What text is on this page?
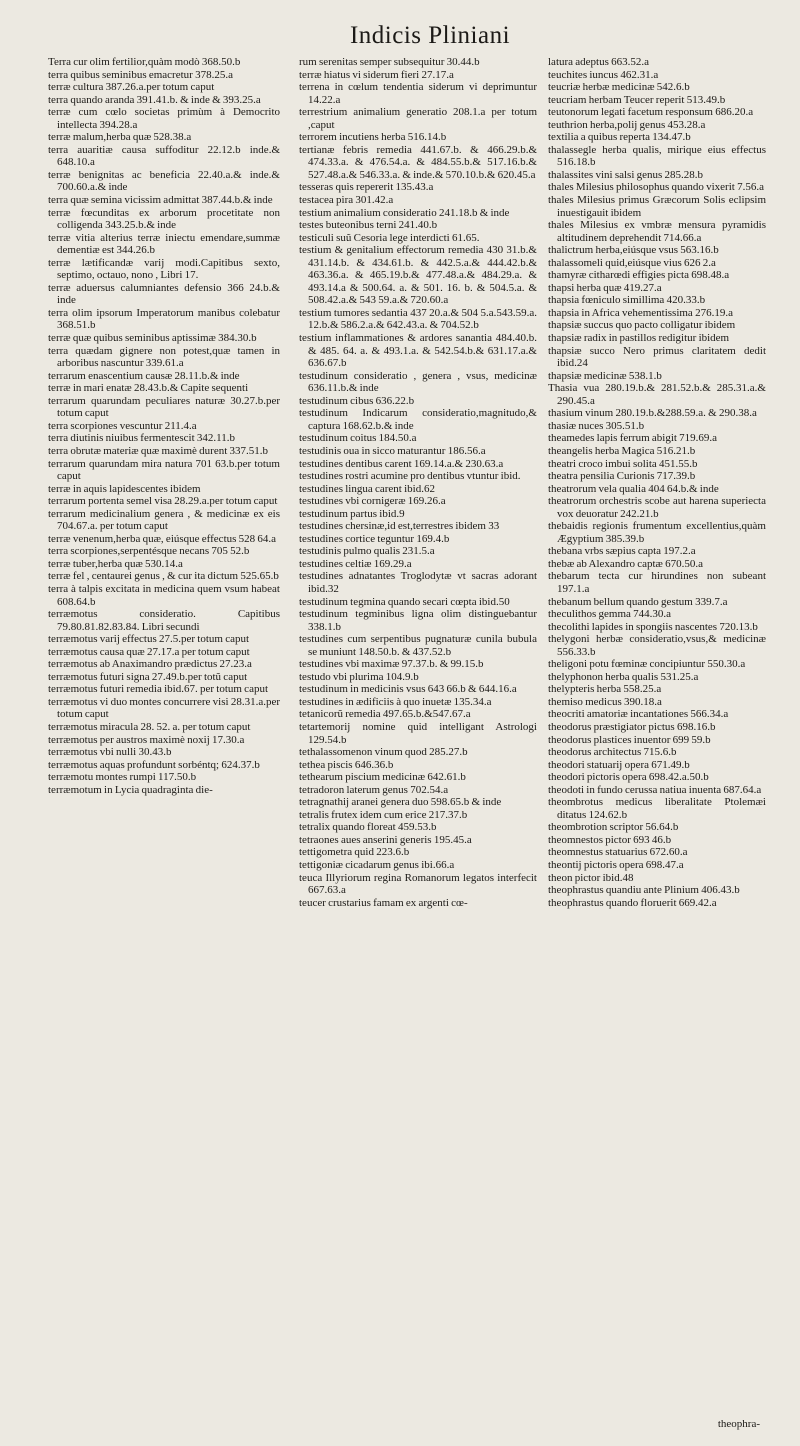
Indicis Pliniani

Terra cur olim fertilior,quàm modò 368.50.b

terra quibus seminibus emacretur 378.25.a

terræ cultura 387.26.a.per totum caput

terra quando aranda 391.41.b. & inde & 393.25.a

terræ cum cœlo societas primùm à Democrito intellecta 394.28.a

terræ malum,herba quæ 528.38.a

terra auaritiæ causa suffoditur 22.12.b inde.& 648.10.a

terræ benignitas ac beneficia 22.40.a.& inde.& 700.60.a.& inde

terra quæ semina vicissim admittat 387.44.b.& inde

terræ fœcunditas ex arborum procetitate non colligenda 343.25.b.& inde

terræ vitia alterius terræ iniectu emendare,summæ dementiæ est 344.26.b

terræ lætificandæ varij modi.Capitibus sexto, septimo, octauo, nono , Libri 17.

terræ aduersus calumniantes defensio 366 24.b.& inde

terra olim ipsorum Imperatorum manibus colebatur 368.51.b

terræ quæ quibus seminibus aptissimæ 384.30.b

terra quædam gignere non potest,quæ tamen in arboribus nascuntur 339.61.a

terrarum enascentium causæ 28.11.b.& inde

terræ in mari enatæ 28.43.b.& Capite sequenti

terrarum quarundam peculiares naturæ 30.27.b.per totum caput

terra scorpiones vescuntur 211.4.a

terra diutinis niuibus fermentescit 342.11.b

terra obrutæ materiæ quæ maximè durent 337.51.b

terrarum quarundam mira natura 701 63.b.per totum caput

terræ in aquis lapidescentes ibidem

terrarum portenta semel visa 28.29.a.per totum caput

terrarum medicinalium genera , & medicinæ ex eis 704.67.a. per totum caput

terræ venenum,herba quæ, eiúsque effectus 528 64.a

terra scorpiones,serpentésque necans 705 52.b

terræ tuber,herba quæ 530.14.a

terræ fel , centaurei genus , & cur ita dictum 525.65.b

terra à talpis excitata in medicina quem vsum habeat 608.64.b

terræmotus consideratio. Capitibus 79.80.81.82.83.84. Libri secundi

terræmotus varij effectus 27.5.per totum caput

terræmotus causa quæ 27.17.a per totum caput

terræmotus ab Anaximandro prædictus 27.23.a

terræmotus futuri signa 27.49.b.per totũ caput

terræmotus futuri remedia ibid.67. per totum caput

terræmotus vi duo montes concurrere visi 28.31.a.per totum caput

terræmotus miracula 28. 52. a. per totum caput

terræmotus per austros maximè noxij 17.30.a

terræmotus vbi nulli 30.43.b

terræmotus aquas profundunt sorbéntq; 624.37.b

terræmotu montes rumpi 117.50.b

terræmotum in Lycia quadraginta die-

rum serenitas semper subsequitur 30.44.b

terræ hiatus vi siderum fieri 27.17.a

terrena in cœlum tendentia siderum vi deprimuntur 14.22.a

terrestrium animalium generatio 208.1.a per totum ,caput

terrorem incutiens herba 516.14.b

tertianæ febris remedia 441.67.b. & 466.29.b.& 474.33.a. & 476.54.a. & 484.55.b.& 517.16.b.& 527.48.a.& 546.33.a. & inde.& 570.10.b.& 620.45.a

tesseras quis repererit 135.43.a

testacea pira 301.42.a

testium animalium consideratio 241.18.b & inde

testes buteonibus terni 241.40.b

testiculi suũ Cesoria lege interdicti 61.65.

testium & genitalium effectorum remedia 430 31.b.& 431.14.b. & 434.61.b. & 442.5.a.& 444.42.b.& 463.36.a. & 465.19.b.& 477.48.a.& 484.29.a. & 493.14.a & 500.64. a. & 501. 16. b. & 504.5.a. & 508.42.a.& 543 59.a.& 720.60.a

testium tumores sedantia 437 20.a.& 504 5.a.543.59.a. 12.b.& 586.2.a.& 642.43.a. & 704.52.b

testium inflammationes & ardores sanantia 484.40.b. & 485. 64. a. & 493.1.a. & 542.54.b.& 631.17.a.& 636.67.b

testudinum consideratio , genera , vsus, medicinæ 636.11.b.& inde

testudinum cibus 636.22.b

testudinum Indicarum consideratio,magnitudo,& captura 168.62.b.& inde

testudinum coitus 184.50.a

testudinis oua in sicco maturantur 186.56.a

testudines dentibus carent 169.14.a.& 230.63.a

testudines rostri acumine pro dentibus vtuntur ibid.

testudines lingua carent ibid.62

testudines vbi cornigeræ 169.26.a

testudinum partus ibid.9

testudines chersinæ,id est,terrestres ibidem 33

testudines cortice teguntur 169.4.b

testudinis pulmo qualis 231.5.a

testudines celtiæ 169.29.a

testudines adnatantes Troglodytæ vt sacras adorant ibid.32

testudinum tegmina quando secari cœpta ibid.50

testudinum tegminibus ligna olim distinguebantur 338.1.b

testudines cum serpentibus pugnaturæ cunila bubula se muniunt 148.50.b. & 437.52.b

testudines vbi maximæ 97.37.b. & 99.15.b

testudo vbi plurima 104.9.b

testudinum in medicinis vsus 643 66.b & 644.16.a

testudines in ædificiis à quo inuetæ 135.34.a

tetanicorũ remedia 497.65.b.&547.67.a

tetartemorij nomine quid intelligant Astrologi 129.54.b

tethalassomenon vinum quod 285.27.b

tethea piscis 646.36.b

tethearum piscium medicinæ 642.61.b

tetradoron laterum genus 702.54.a

tetragnathij aranei genera duo 598.65.b & inde

tetralis frutex idem cum erice 217.37.b

tetralix quando floreat 459.53.b

tetraones aues anserini generis 195.45.a

tettigometra quid 223.6.b

tettigoniæ cicadarum genus ibi.66.a

teuca Illyriorum regina Romanorum legatos interfecit 667.63.a

teucer crustarius famam ex argenti cœ-

latura adeptus 663.52.a

teuchites iuncus 462.31.a

teucriæ herbæ medicinæ 542.6.b

teucriam herbam Teucer reperit 513.49.b

teutonorum legati facetum responsum 686.20.a

teuthrion herba,polij genus 453.28.a

textilia a quibus reperta 134.47.b

thalassegle herba qualis, mirique eius effectus 516.18.b

thalassites vini salsi genus 285.28.b

thales Milesius philosophus quando vixerit 7.56.a

thales Milesius primus Græcorum Solis eclipsim inuestigauit ibidem

thales Milesius ex vmbræ mensura pyramidis altitudinem deprehendit 714.66.a

thalictrum herba,eiúsque vsus 563.16.b

thalassomeli quid,eiúsque vius 626 2.a

thamyræ citharœdi effigies picta 698.48.a

thapsi herba quæ 419.27.a

thapsia fœniculo simillima 420.33.b

thapsia in Africa vehementissima 276.19.a

thapsiæ succus quo pacto colligatur ibidem

thapsiæ radix in pastillos redigitur ibidem

thapsiæ succo Nero primus claritatem dedit ibid.24

thapsiæ medicinæ 538.1.b

Thasia vua 280.19.b.& 281.52.b.& 285.31.a.& 290.45.a

thasium vinum 280.19.b.&288.59.a. & 290.38.a

thasiæ nuces 305.51.b

theamedes lapis ferrum abigit 719.69.a

theangelis herba Magica 516.21.b

theatri croco imbui solita 451.55.b

theatra pensilia Curionis 717.39.b

theatrorum vela qualia 404 64.b.& inde

theatrorum orchestris scobe aut harena superiecta vox deuoratur 242.21.b

thebaidis regionis frumentum excellentius,quàm Ægyptium 385.39.b

thebana vrbs sæpius capta 197.2.a

thebæ ab Alexandro captæ 670.50.a

thebarum tecta cur hirundines non subeant 197.1.a

thebanum bellum quando gestum 339.7.a

theculithos gemma 744.30.a

thecolithi lapides in spongiis nascentes 720.13.b

thelygoni herbæ consideratio,vsus,& medicinæ 556.33.b

theligoni potu fœminæ concipiuntur 550.30.a

thelyphonon herba qualis 531.25.a

thelypteris herba 558.25.a

themiso medicus 390.18.a

theocriti amatoriæ incantationes 566.34.a

theodorus præstigiator pictus 698.16.b

theodorus plastices inuentor 699 59.b

theodorus architectus 715.6.b

theodori statuarij opera 671.49.b

theodori pictoris opera 698.42.a.50.b

theodoti in fundo cerussa natiua inuenta 687.64.a

theombrotus medicus liberalitate Ptolemæi ditatus 124.62.b

theombrotion scriptor 56.64.b

theomnestos pictor 693 46.b

theomnestus statuarius 672.60.a

theontij pictoris opera 698.47.a

theon pictor ibid.48

theophrastus quandiu ante Plinium 406.43.b

theophrastus quando floruerit 669.42.a

theophra-
